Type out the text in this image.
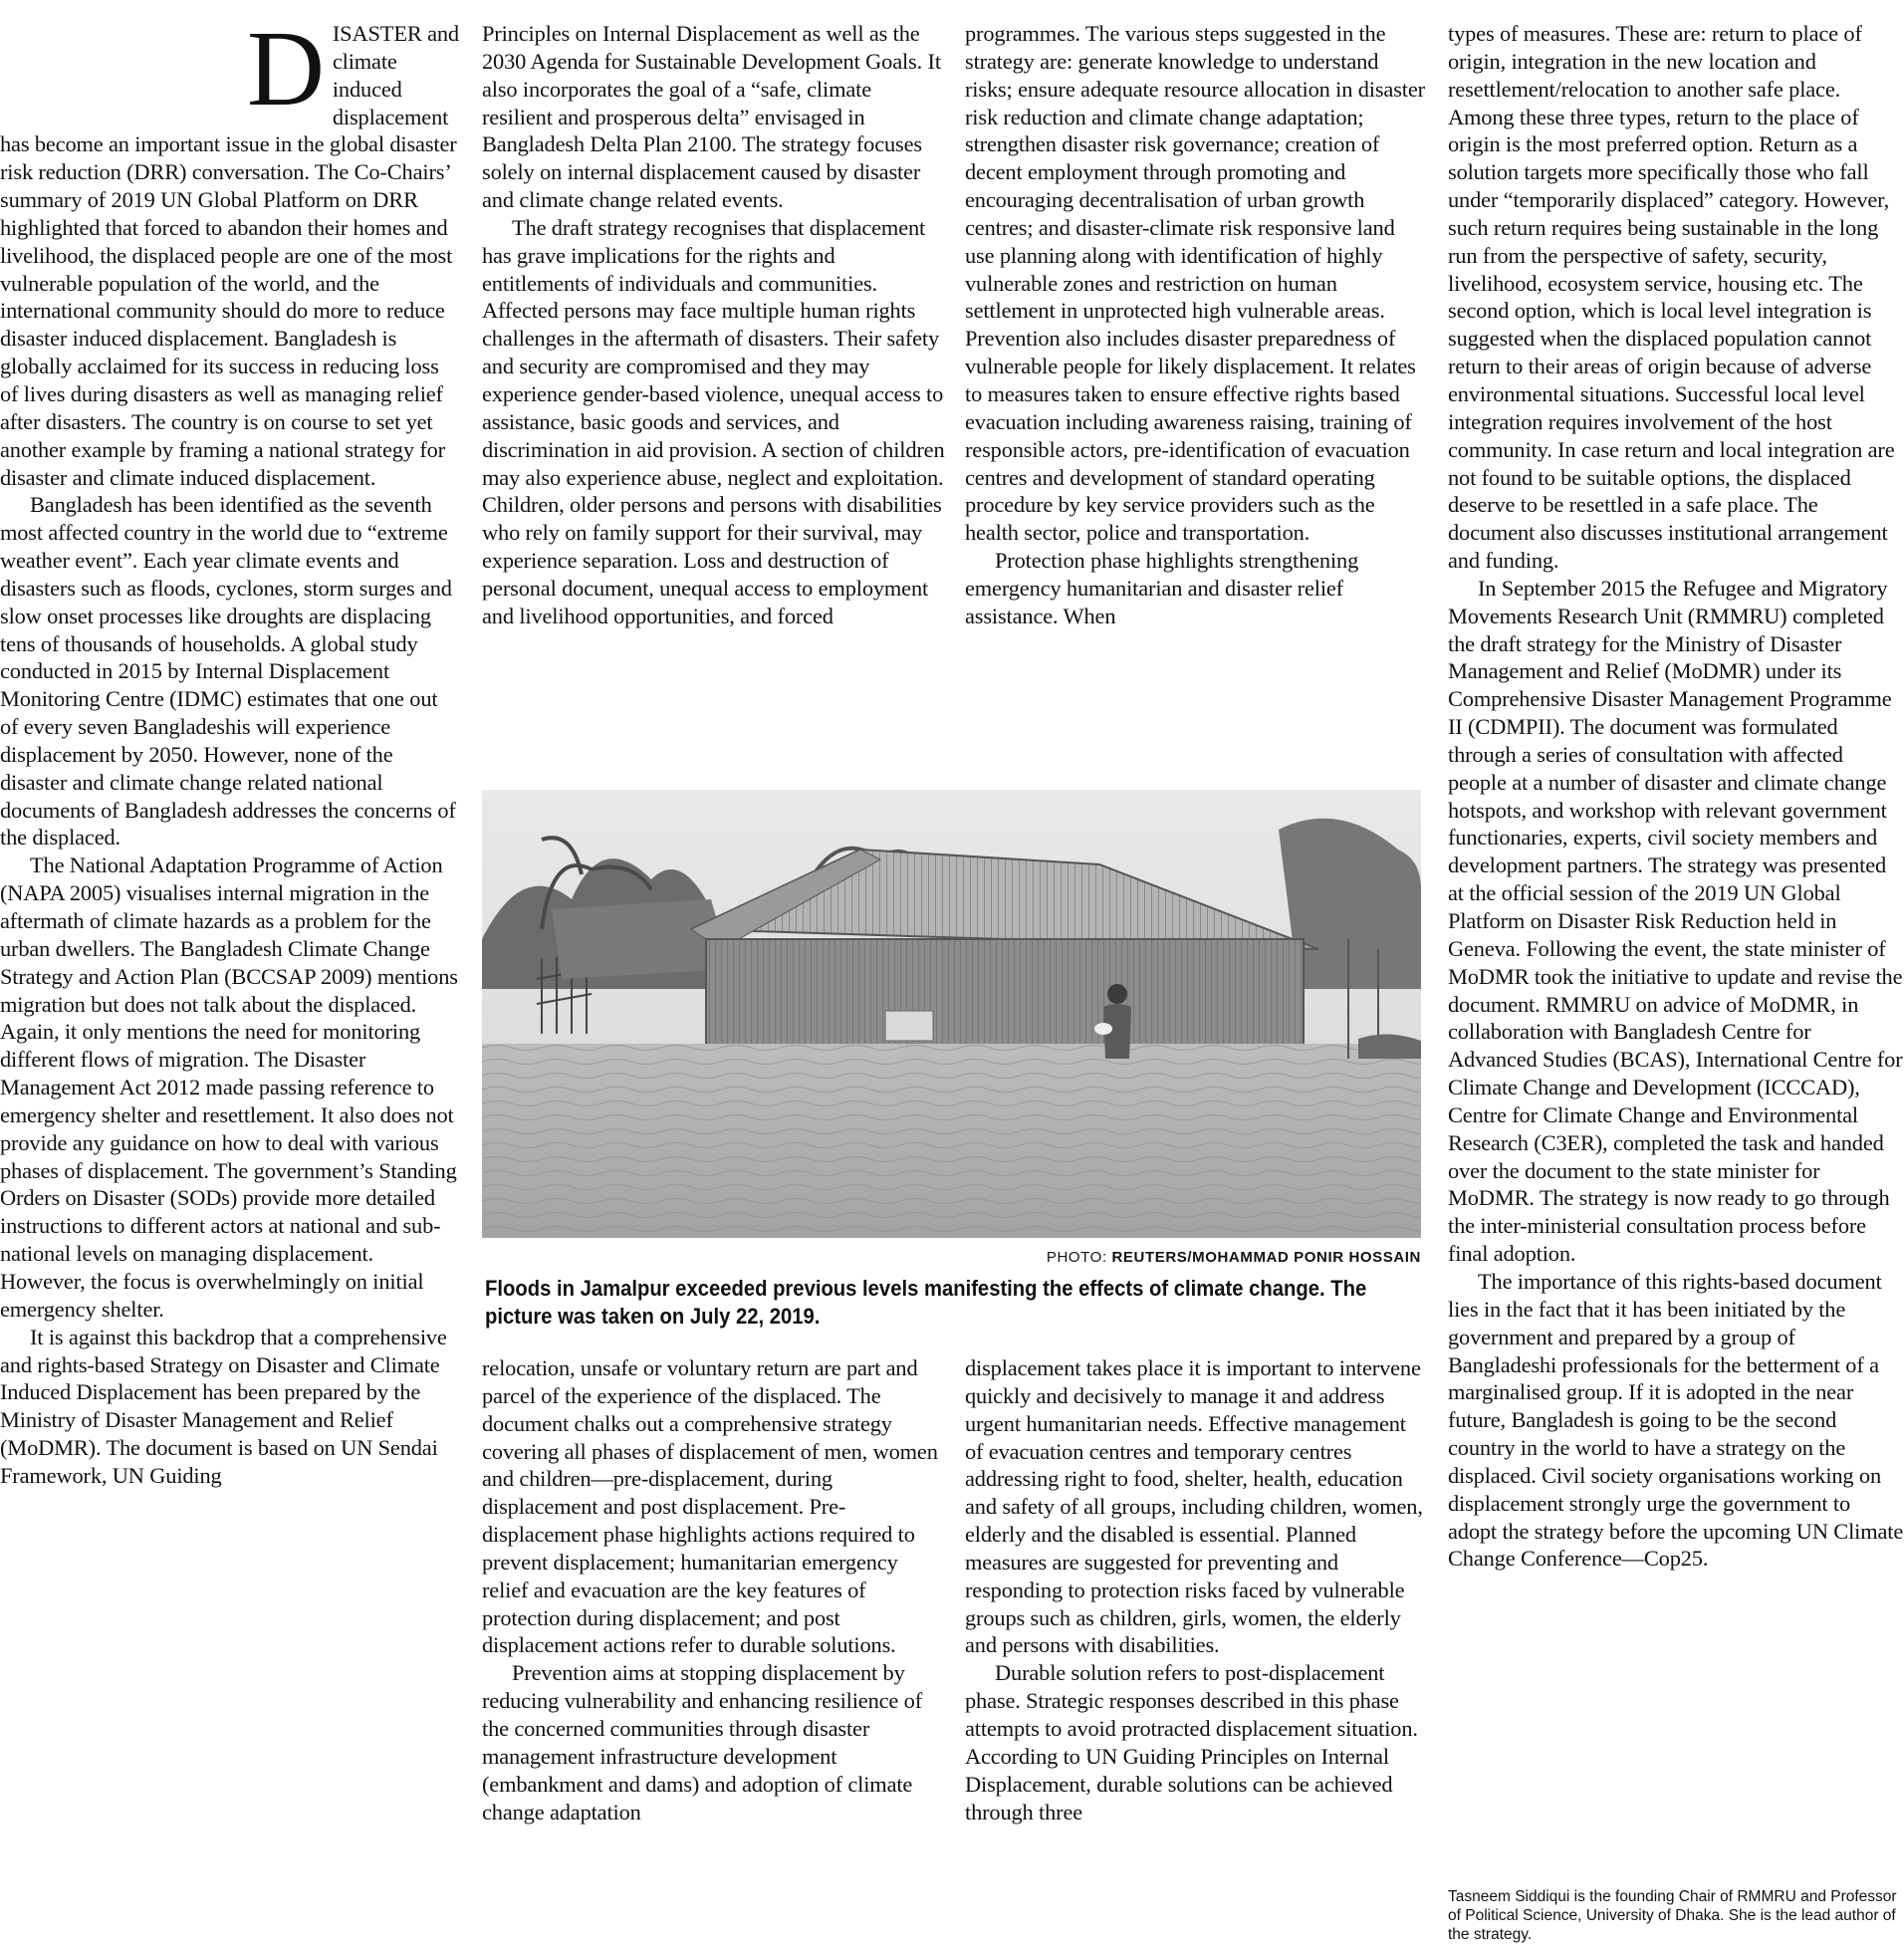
DISASTER and climate induced displacement has become an important issue in the global disaster risk reduction (DRR) conversation. The Co-Chairs’ summary of 2019 UN Global Platform on DRR highlighted that forced to abandon their homes and livelihood, the displaced people are one of the most vulnerable population of the world, and the international community should do more to reduce disaster induced displacement. Bangladesh is globally acclaimed for its success in reducing loss of lives during disasters as well as managing relief after disasters. The country is on course to set yet another example by framing a national strategy for disaster and climate induced displacement.

Bangladesh has been identified as the seventh most affected country in the world due to “extreme weather event”. Each year climate events and disasters such as floods, cyclones, storm surges and slow onset processes like droughts are displacing tens of thousands of households. A global study conducted in 2015 by Internal Displacement Monitoring Centre (IDMC) estimates that one out of every seven Bangladeshis will experience displacement by 2050. However, none of the disaster and climate change related national documents of Bangladesh addresses the concerns of the displaced.

The National Adaptation Programme of Action (NAPA 2005) visualises internal migration in the aftermath of climate hazards as a problem for the urban dwellers. The Bangladesh Climate Change Strategy and Action Plan (BCCSAP 2009) mentions migration but does not talk about the displaced. Again, it only mentions the need for monitoring different flows of migration. The Disaster Management Act 2012 made passing reference to emergency shelter and resettlement. It also does not provide any guidance on how to deal with various phases of displacement. The government’s Standing Orders on Disaster (SODs) provide more detailed instructions to different actors at national and sub-national levels on managing displacement. However, the focus is overwhelmingly on initial emergency shelter.

It is against this backdrop that a comprehensive and rights-based Strategy on Disaster and Climate Induced Displacement has been prepared by the Ministry of Disaster Management and Relief (MoDMR). The document is based on UN Sendai Framework, UN Guiding

Principles on Internal Displacement as well as the 2030 Agenda for Sustainable Development Goals. It also incorporates the goal of a “safe, climate resilient and prosperous delta” envisaged in Bangladesh Delta Plan 2100. The strategy focuses solely on internal displacement caused by disaster and climate change related events.

The draft strategy recognises that displacement has grave implications for the rights and entitlements of individuals and communities. Affected persons may face multiple human rights challenges in the aftermath of disasters. Their safety and security are compromised and they may experience gender-based violence, unequal access to assistance, basic goods and services, and discrimination in aid provision. A section of children may also experience abuse, neglect and exploitation. Children, older persons and persons with disabilities who rely on family support for their survival, may experience separation. Loss and destruction of personal document, unequal access to employment and livelihood opportunities, and forced

programmes. The various steps suggested in the strategy are: generate knowledge to understand risks; ensure adequate resource allocation in disaster risk reduction and climate change adaptation; strengthen disaster risk governance; creation of decent employment through promoting and encouraging decentralisation of urban growth centres; and disaster-climate risk responsive land use planning along with identification of highly vulnerable zones and restriction on human settlement in unprotected high vulnerable areas. Prevention also includes disaster preparedness of vulnerable people for likely displacement. It relates to measures taken to ensure effective rights based evacuation including awareness raising, training of responsible actors, pre-identification of evacuation centres and development of standard operating procedure by key service providers such as the health sector, police and transportation.

Protection phase highlights strengthening emergency humanitarian and disaster relief assistance. When

types of measures. These are: return to place of origin, integration in the new location and resettlement/relocation to another safe place. Among these three types, return to the place of origin is the most preferred option. Return as a solution targets more specifically those who fall under “temporarily displaced” category. However, such return requires being sustainable in the long run from the perspective of safety, security, livelihood, ecosystem service, housing etc. The second option, which is local level integration is suggested when the displaced population cannot return to their areas of origin because of adverse environmental situations. Successful local level integration requires involvement of the host community. In case return and local integration are not found to be suitable options, the displaced deserve to be resettled in a safe place. The document also discusses institutional arrangement and funding.

In September 2015 the Refugee and Migratory Movements Research Unit (RMMRU) completed the draft strategy for the Ministry of Disaster Management and Relief (MoDMR) under its Comprehensive Disaster Management Programme II (CDMPII). The document was formulated through a series of consultation with affected people at a number of disaster and climate change hotspots, and workshop with relevant government functionaries, experts, civil society members and development partners. The strategy was presented at the official session of the 2019 UN Global Platform on Disaster Risk Reduction held in Geneva. Following the event, the state minister of MoDMR took the initiative to update and revise the document. RMMRU on advice of MoDMR, in collaboration with Bangladesh Centre for Advanced Studies (BCAS), International Centre for Climate Change and Development (ICCCAD), Centre for Climate Change and Environmental Research (C3ER), completed the task and handed over the document to the state minister for MoDMR. The strategy is now ready to go through the inter-ministerial consultation process before final adoption.

The importance of this rights-based document lies in the fact that it has been initiated by the government and prepared by a group of Bangladeshi professionals for the betterment of a marginalised group. If it is adopted in the near future, Bangladesh is going to be the second country in the world to have a strategy on the displaced. Civil society organisations working on displacement strongly urge the government to adopt the strategy before the upcoming UN Climate Change Conference—Cop25.

PHOTO: REUTERS/MOHAMMAD PONIR HOSSAIN
Floods in Jamalpur exceeded previous levels manifesting the effects of climate change. The picture was taken on July 22, 2019.

relocation, unsafe or voluntary return are part and parcel of the experience of the displaced. The document chalks out a comprehensive strategy covering all phases of displacement of men, women and children—pre-displacement, during displacement and post displacement. Pre-displacement phase highlights actions required to prevent displacement; humanitarian emergency relief and evacuation are the key features of protection during displacement; and post displacement actions refer to durable solutions.

Prevention aims at stopping displacement by reducing vulnerability and enhancing resilience of the concerned communities through disaster management infrastructure development (embankment and dams) and adoption of climate change adaptation

displacement takes place it is important to intervene quickly and decisively to manage it and address urgent humanitarian needs. Effective management of evacuation centres and temporary centres addressing right to food, shelter, health, education and safety of all groups, including children, women, elderly and the disabled is essential. Planned measures are suggested for preventing and responding to protection risks faced by vulnerable groups such as children, girls, women, the elderly and persons with disabilities.

Durable solution refers to post-displacement phase. Strategic responses described in this phase attempts to avoid protracted displacement situation. According to UN Guiding Principles on Internal Displacement, durable solutions can be achieved through three

Tasneem Siddiqui is the founding Chair of RMMRU and Professor of Political Science, University of Dhaka. She is the lead author of the strategy.
